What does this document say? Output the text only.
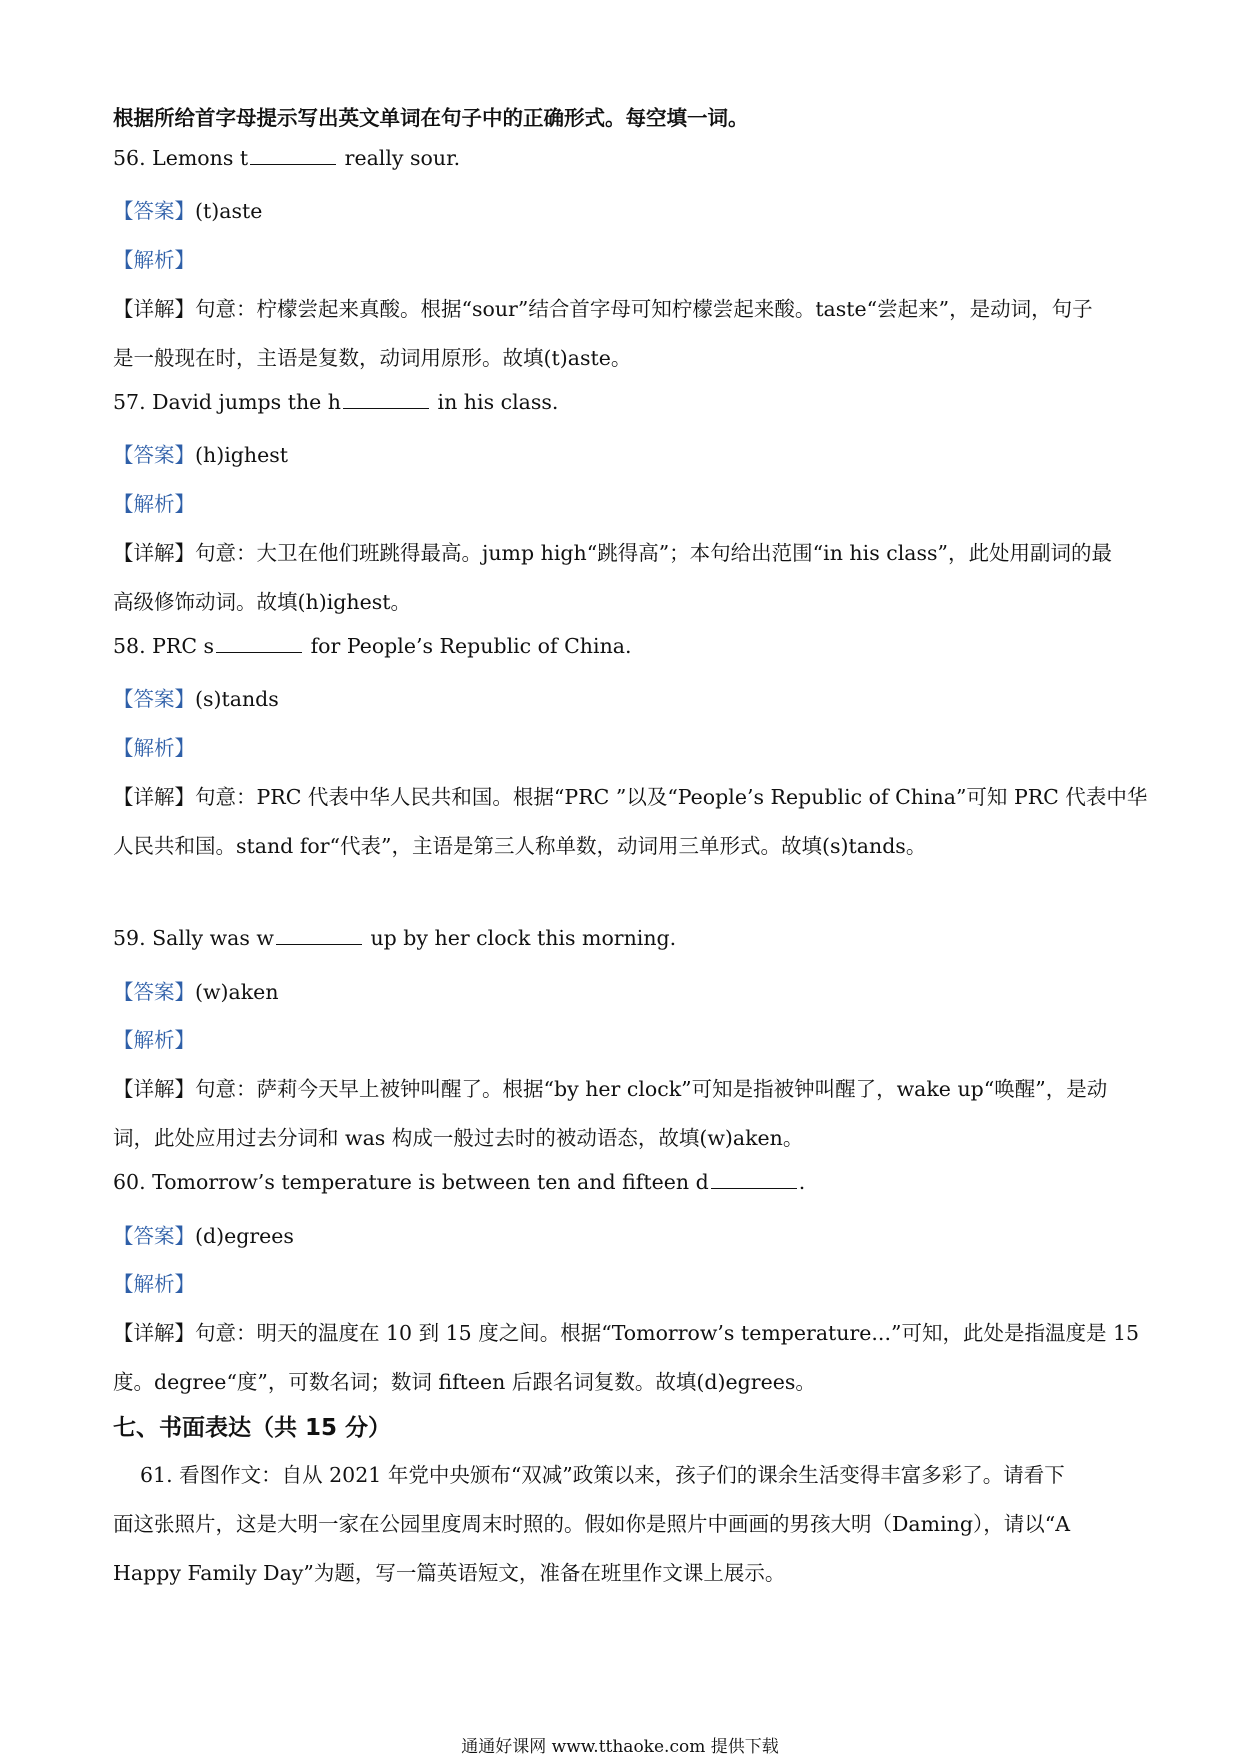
根据所给首字母提示写出英文单词在句子中的正确形式。每空填一词。
56. Lemons t	really sour.
【答案】(t)aste
【解析】
【详解】句意：柠檬尝起来真酸。根据“sour”结合首字母可知柠檬尝起来酸。taste“尝起来”，是动词，句子
是一般现在时，主语是复数，动词用原形。故填(t)aste。
57. David jumps the h	in his class.
【答案】(h)ighest
【解析】
【详解】句意：大卫在他们班跳得最高。jump high“跳得高”；本句给出范围“in his class”，此处用副词的最
高级修饰动词。故填(h)ighest。
58. PRC s	for People’s Republic of China.
【答案】(s)tands
【解析】
【详解】句意：PRC 代表中华人民共和国。根据“PRC ”以及“People’s Republic of China”可知 PRC 代表中华
人民共和国。stand for“代表”，主语是第三人称单数，动词用三单形式。故填(s)tands。
59. Sally was w	up by her clock this morning.
【答案】(w)aken
【解析】
【详解】句意：萨莉今天早上被钟叫醒了。根据“by her clock”可知是指被钟叫醒了，wake up“唤醒”，是动
词，此处应用过去分词和 was 构成一般过去时的被动语态，故填(w)aken。
60. Tomorrow’s temperature is between ten and fifteen d	.
【答案】(d)egrees
【解析】
【详解】句意：明天的温度在 10 到 15 度之间。根据“Tomorrow’s temperature...”可知，此处是指温度是 15
度。degree“度”，可数名词；数词 fifteen 后跟名词复数。故填(d)egrees。
七、书面表达（共 15 分）
61. 看图作文：自从 2021 年党中央颁布“双减”政策以来，孩子们的课余生活变得丰富多彩了。请看下
面这张照片，这是大明一家在公园里度周末时照的。假如你是照片中画画的男孩大明（Daming），请以“A
Happy Family Day”为题，写一篇英语短文，准备在班里作文课上展示。
通通好课网 www.tthaoke.com 提供下载
